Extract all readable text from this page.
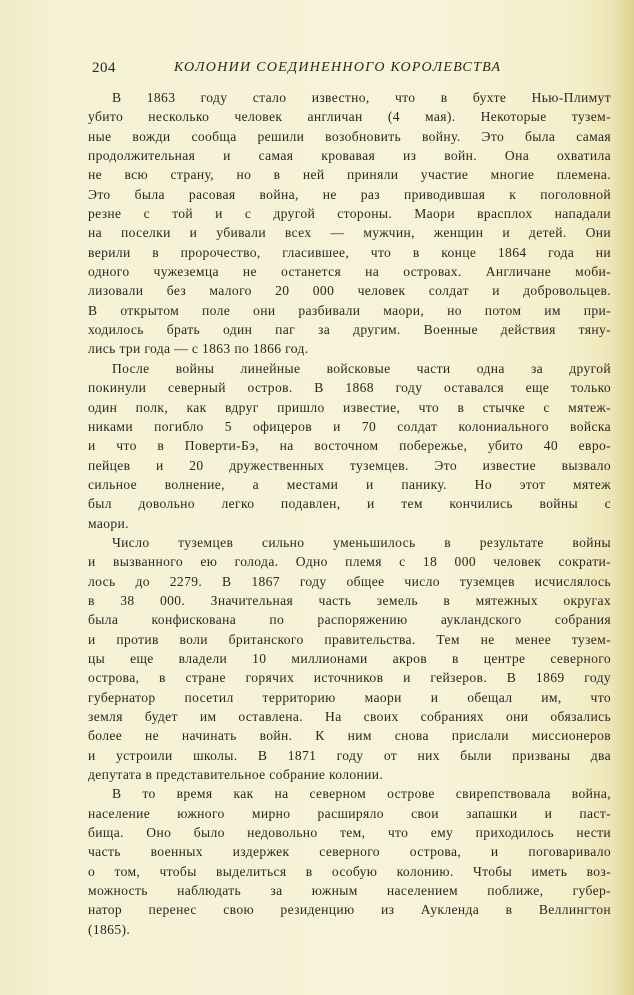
204	КОЛОНИИ СОЕДИНЕННОГО КОРОЛЕВСТВА
В 1863 году стало известно, что в бухте Нью-Плимут
убито несколько человек англичан (4 мая). Некоторые тузем-
ные вожди сообща решили возобновить войну. Это была самая
продолжительная и самая кровавая из войн. Она охватила
не всю страну, но в ней приняли участие многие племена.
Это была расовая война, не раз приводившая к поголовной
резне с той и с другой стороны. Маори врасплох нападали
на поселки и убивали всех — мужчин, женщин и детей. Они
верили в пророчество, гласившее, что в конце 1864 года ни
одного чужеземца не останется на островах. Англичане моби-
лизовали без малого 20 000 человек солдат и добровольцев.
В открытом поле они разбивали маори, но потом им при-
ходилось брать один паг за другим. Военные действия тяну-
лись три года — с 1863 по 1866 год.
После войны линейные войсковые части одна за другой
покинули северный остров. В 1868 году оставался еще только
один полк, как вдруг пришло известие, что в стычке с мятеж-
никами погибло 5 офицеров и 70 солдат колониального войска
и что в Поверти-Бэ, на восточном побережье, убито 40 евро-
пейцев и 20 дружественных туземцев. Это известие вызвало
сильное волнение, а местами и панику. Но этот мятеж
был довольно легко подавлен, и тем кончились войны с
маори.
Число туземцев сильно уменьшилось в результате войны
и вызванного ею голода. Одно племя с 18 000 человек сократи-
лось до 2279. В 1867 году общее число туземцев исчислялось
в 38 000. Значительная часть земель в мятежных округах
была конфискована по распоряжению аукландского собрания
и против воли британского правительства. Тем не менее тузем-
цы еще владели 10 миллионами акров в центре северного
острова, в стране горячих источников и гейзеров. В 1869 году
губернатор посетил территорию маори и обещал им, что
земля будет им оставлена. На своих собраниях они обязались
более не начинать войн. К ним снова прислали миссионеров
и устроили школы. В 1871 году от них были призваны два
депутата в представительное собрание колонии.
В то время как на северном острове свирепствовала война,
население южного мирно расширяло свои запашки и паст-
бища. Оно было недовольно тем, что ему приходилось нести
часть военных издержек северного острова, и поговаривало
о том, чтобы выделиться в особую колонию. Чтобы иметь воз-
можность наблюдать за южным населением поближе, губер-
натор перенес свою резиденцию из Аукленда в Веллингтон
(1865).
